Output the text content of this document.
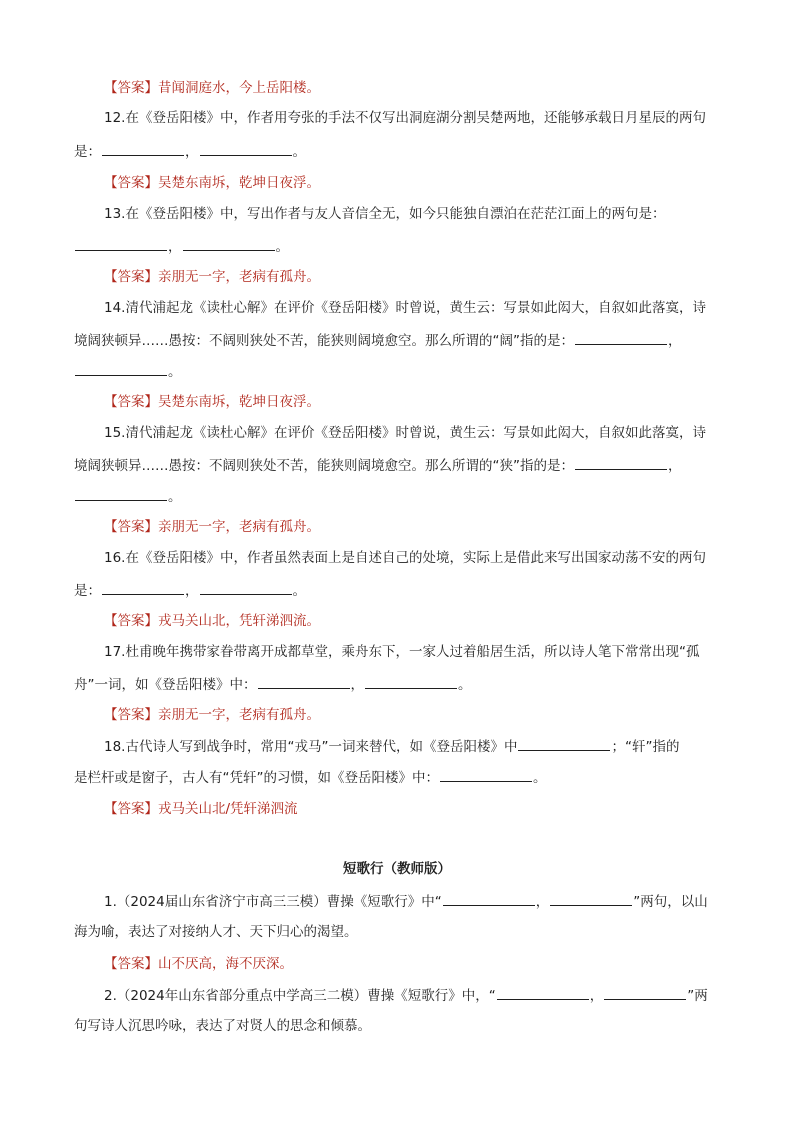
【答案】昔闻洞庭水，今上岳阳楼。
12.在《登岳阳楼》中，作者用夸张的手法不仅写出洞庭湖分割吴楚两地，还能够承载日月星辰的两句
是：	，	。
【答案】吴楚东南坼，乾坤日夜浮。
13.在《登岳阳楼》中，写出作者与友人音信全无，如今只能独自漂泊在茫茫江面上的两句是：
，	。
【答案】亲朋无一字，老病有孤舟。
14.清代浦起龙《读杜心解》在评价《登岳阳楼》时曾说，黄生云：写景如此闳大，自叙如此落寞，诗
境阔狭顿异……愚按：不阔则狭处不苦，能狭则阔境愈空。那么所谓的“阔”指的是：	，
。
【答案】吴楚东南坼，乾坤日夜浮。
15.清代浦起龙《读杜心解》在评价《登岳阳楼》时曾说，黄生云：写景如此闳大，自叙如此落寞，诗
境阔狭顿异……愚按：不阔则狭处不苦，能狭则阔境愈空。那么所谓的“狭”指的是：	，
。
【答案】亲朋无一字，老病有孤舟。
16.在《登岳阳楼》中，作者虽然表面上是自述自己的处境，实际上是借此来写出国家动荡不安的两句
是：	，	。
【答案】戎马关山北，凭轩涕泗流。
17.杜甫晚年携带家眷带离开成都草堂，乘舟东下，一家人过着船居生活，所以诗人笔下常常出现“孤
舟”一词，如《登岳阳楼》中：	，	。
【答案】亲朋无一字，老病有孤舟。
18.古代诗人写到战争时，常用“戎马”一词来替代，如《登岳阳楼》中	；“轩”指的
是栏杆或是窗子，古人有“凭轩”的习惯，如《登岳阳楼》中：	。
【答案】戎马关山北/凭轩涕泗流
短歌行（教师版）
1.（2024届山东省济宁市高三三模）曹操《短歌行》中“	，	”两句，以山
海为喻，表达了对接纳人才、天下归心的渴望。
【答案】山不厌高，海不厌深。
2.（2024年山东省部分重点中学高三二模）曹操《短歌行》中，“	，	”两
句写诗人沉思吟咏，表达了对贤人的思念和倾慕。
